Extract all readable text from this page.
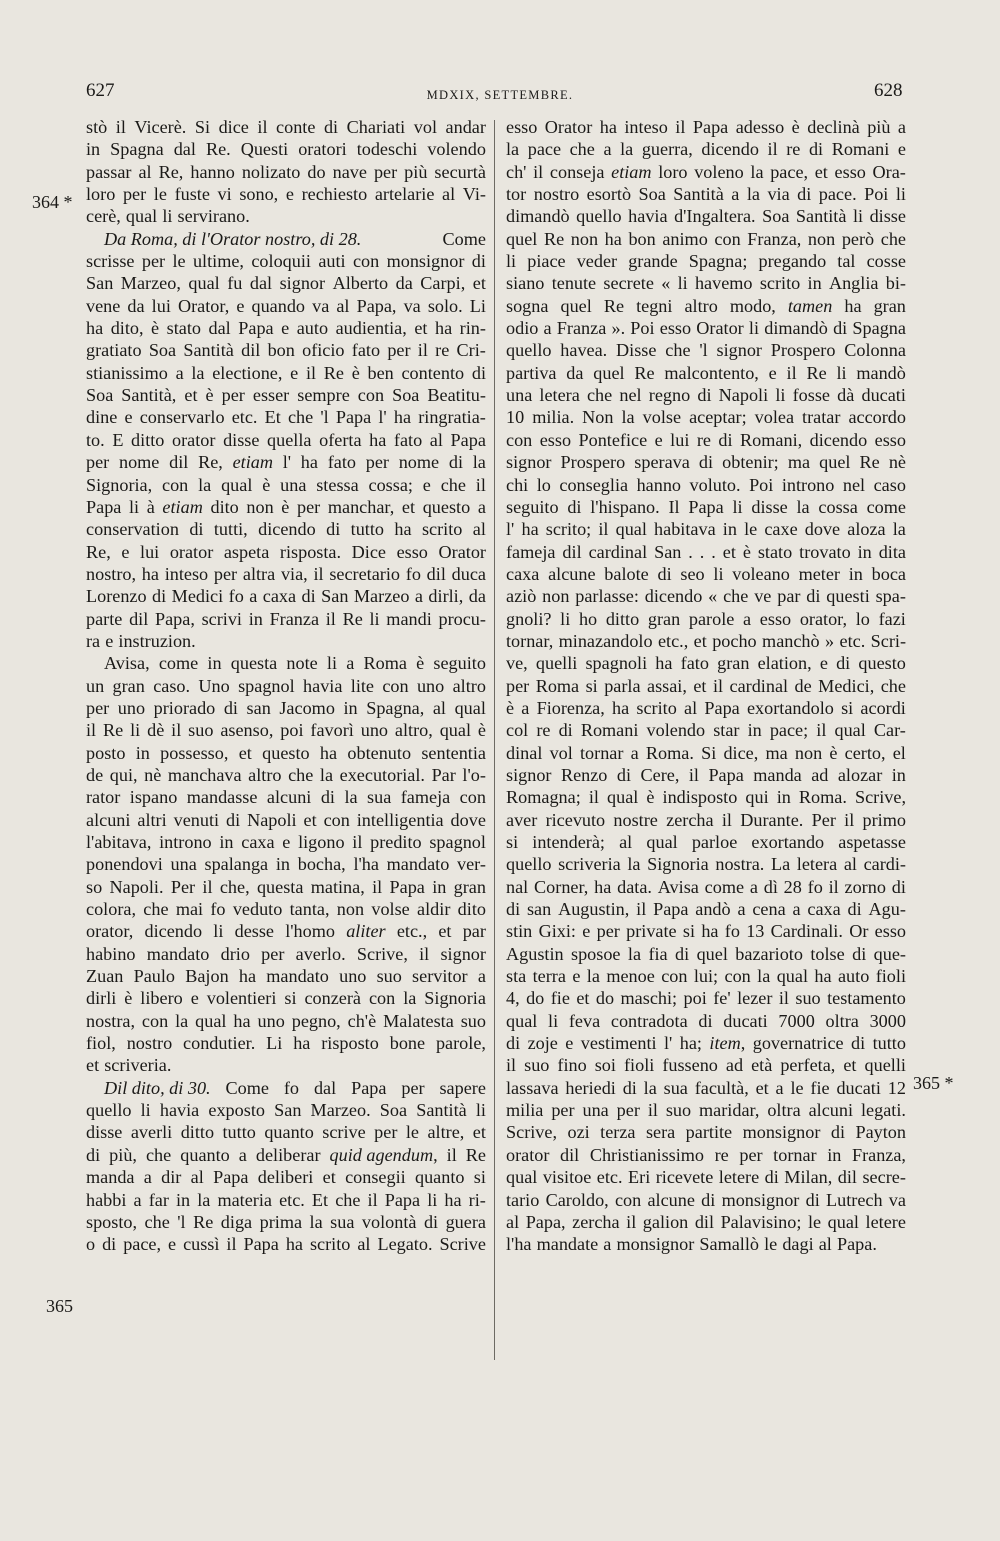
627	MDXIX, SETTEMBRE.	628
364 *
365 *
365
stò il Vicerè. Si dice il conte di Chariati vol andar
in Spagna dal Re. Questi oratori todeschi volendo
passar al Re, hanno nolizato do nave per più securtà
loro per le fuste vi sono, e rechiesto artelarie al Vi-
cerè, qual li servirano.
Da Roma, di l'Orator nostro, di 28.	Come
scrisse per le ultime, coloquii auti con monsignor di
San Marzeo, qual fu dal signor Alberto da Carpi, et
vene da lui Orator, e quando va al Papa, va solo. Li
ha dito, è stato dal Papa e auto audientia, et ha rin-
gratiato Soa Santità dil bon oficio fato per il re Cri-
stianissimo a la electione, e il Re è ben contento di
Soa Santità, et è per esser sempre con Soa Beatitu-
dine e conservarlo etc. Et che 'l Papa l' ha ringratia-
to. E ditto orator disse quella oferta ha fato al Papa
per nome dil Re, etiam l' ha fato per nome di la
Signoria, con la qual è una stessa cossa; e che il
Papa li à etiam dito non è per manchar, et questo a
conservation di tutti, dicendo di tutto ha scrito al
Re, e lui orator aspeta risposta. Dice esso Orator
nostro, ha inteso per altra via, il secretario fo dil duca
Lorenzo di Medici fo a caxa di San Marzeo a dirli, da
parte dil Papa, scrivi in Franza il Re li mandi procu-
ra e instruzion.
Avisa, come in questa note li a Roma è seguito
un gran caso. Uno spagnol havia lite con uno altro
per uno priorado di san Jacomo in Spagna, al qual
il Re li dè il suo asenso, poi favorì uno altro, qual è
posto in possesso, et questo ha obtenuto sententia
de qui, nè manchava altro che la executorial. Par l'o-
rator ispano mandasse alcuni di la sua fameja con
alcuni altri venuti di Napoli et con intelligentia dove
l'abitava, introno in caxa e ligono il predito spagnol
ponendovi una spalanga in bocha, l'ha mandato ver-
so Napoli. Per il che, questa matina, il Papa in gran
colora, che mai fo veduto tanta, non volse aldir dito
orator, dicendo li desse l'homo aliter etc., et par
habino mandato drio per averlo. Scrive, il signor
Zuan Paulo Bajon ha mandato uno suo servitor a
dirli è libero e volentieri si conzerà con la Signoria
nostra, con la qual ha uno pegno, ch'è Malatesta suo
fiol, nostro condutier. Li ha risposto bone parole,
et scriveria.
Dil dito, di 30. Come fo dal Papa per sapere
quello li havia exposto San Marzeo. Soa Santità li
disse averli ditto tutto quanto scrive per le altre, et
di più, che quanto a deliberar quid agendum, il Re
manda a dir al Papa deliberi et consegii quanto si
habbi a far in la materia etc. Et che il Papa li ha ri-
sposto, che 'l Re diga prima la sua volontà di guera
o di pace, e cussì il Papa ha scrito al Legato. Scrive
esso Orator ha inteso il Papa adesso è declinà più a
la pace che a la guerra, dicendo il re di Romani e
ch' il conseja etiam loro voleno la pace, et esso Ora-
tor nostro esortò Soa Santità a la via di pace. Poi li
dimandò quello havia d'Ingaltera. Soa Santità li disse
quel Re non ha bon animo con Franza, non però che
li piace veder grande Spagna; pregando tal cosse
siano tenute secrete « li havemo scrito in Anglia bi-
sogna quel Re tegni altro modo, tamen ha gran
odio a Franza ». Poi esso Orator li dimandò di Spagna
quello havea. Disse che 'l signor Prospero Colonna
partiva da quel Re malcontento, e il Re li mandò
una letera che nel regno di Napoli li fosse dà ducati
10 milia. Non la volse aceptar; volea tratar accordo
con esso Pontefice e lui re di Romani, dicendo esso
signor Prospero sperava di obtenir; ma quel Re nè
chi lo conseglia hanno voluto. Poi introno nel caso
seguito di l'hispano. Il Papa li disse la cossa come
l' ha scrito; il qual habitava in le caxe dove aloza la
fameja dil cardinal San . . . et è stato trovato in dita
caxa alcune balote di seo li voleano meter in boca
aziò non parlasse: dicendo « che ve par di questi spa-
gnoli? li ho ditto gran parole a esso orator, lo fazi
tornar, minazandolo etc., et pocho manchò » etc. Scri-
ve, quelli spagnoli ha fato gran elation, e di questo
per Roma si parla assai, et il cardinal de Medici, che
è a Fiorenza, ha scrito al Papa exortandolo si acordi
col re di Romani volendo star in pace; il qual Car-
dinal vol tornar a Roma. Si dice, ma non è certo, el
signor Renzo di Cere, il Papa manda ad alozar in
Romagna; il qual è indisposto qui in Roma. Scrive,
aver ricevuto nostre zercha il Durante. Per il primo
si intenderà; al qual parloe exortando aspetasse
quello scriveria la Signoria nostra. La letera al cardi-
nal Corner, ha data. Avisa come a dì 28 fo il zorno di
di san Augustin, il Papa andò a cena a caxa di Agu-
stin Gixi: e per private si ha fo 13 Cardinali. Or esso
Agustin sposoe la fia di quel bazarioto tolse di que-
sta terra e la menoe con lui; con la qual ha auto fioli
4, do fie et do maschi; poi fe' lezer il suo testamento
qual li feva contradota di ducati 7000 oltra 3000
di zoje e vestimenti l' ha; item, governatrice di tutto
il suo fino soi fioli fusseno ad età perfeta, et quelli
lassava heriedi di la sua facultà, et a le fie ducati 12
milia per una per il suo maridar, oltra alcuni legati.
Scrive, ozi terza sera partite monsignor di Payton
orator dil Christianissimo re per tornar in Franza,
qual visitoe etc. Eri ricevete letere di Milan, dil secre-
tario Caroldo, con alcune di monsignor di Lutrech va
al Papa, zercha il galion dil Palavisino; le qual letere
l'ha mandate a monsignor Samallò le dagi al Papa.
